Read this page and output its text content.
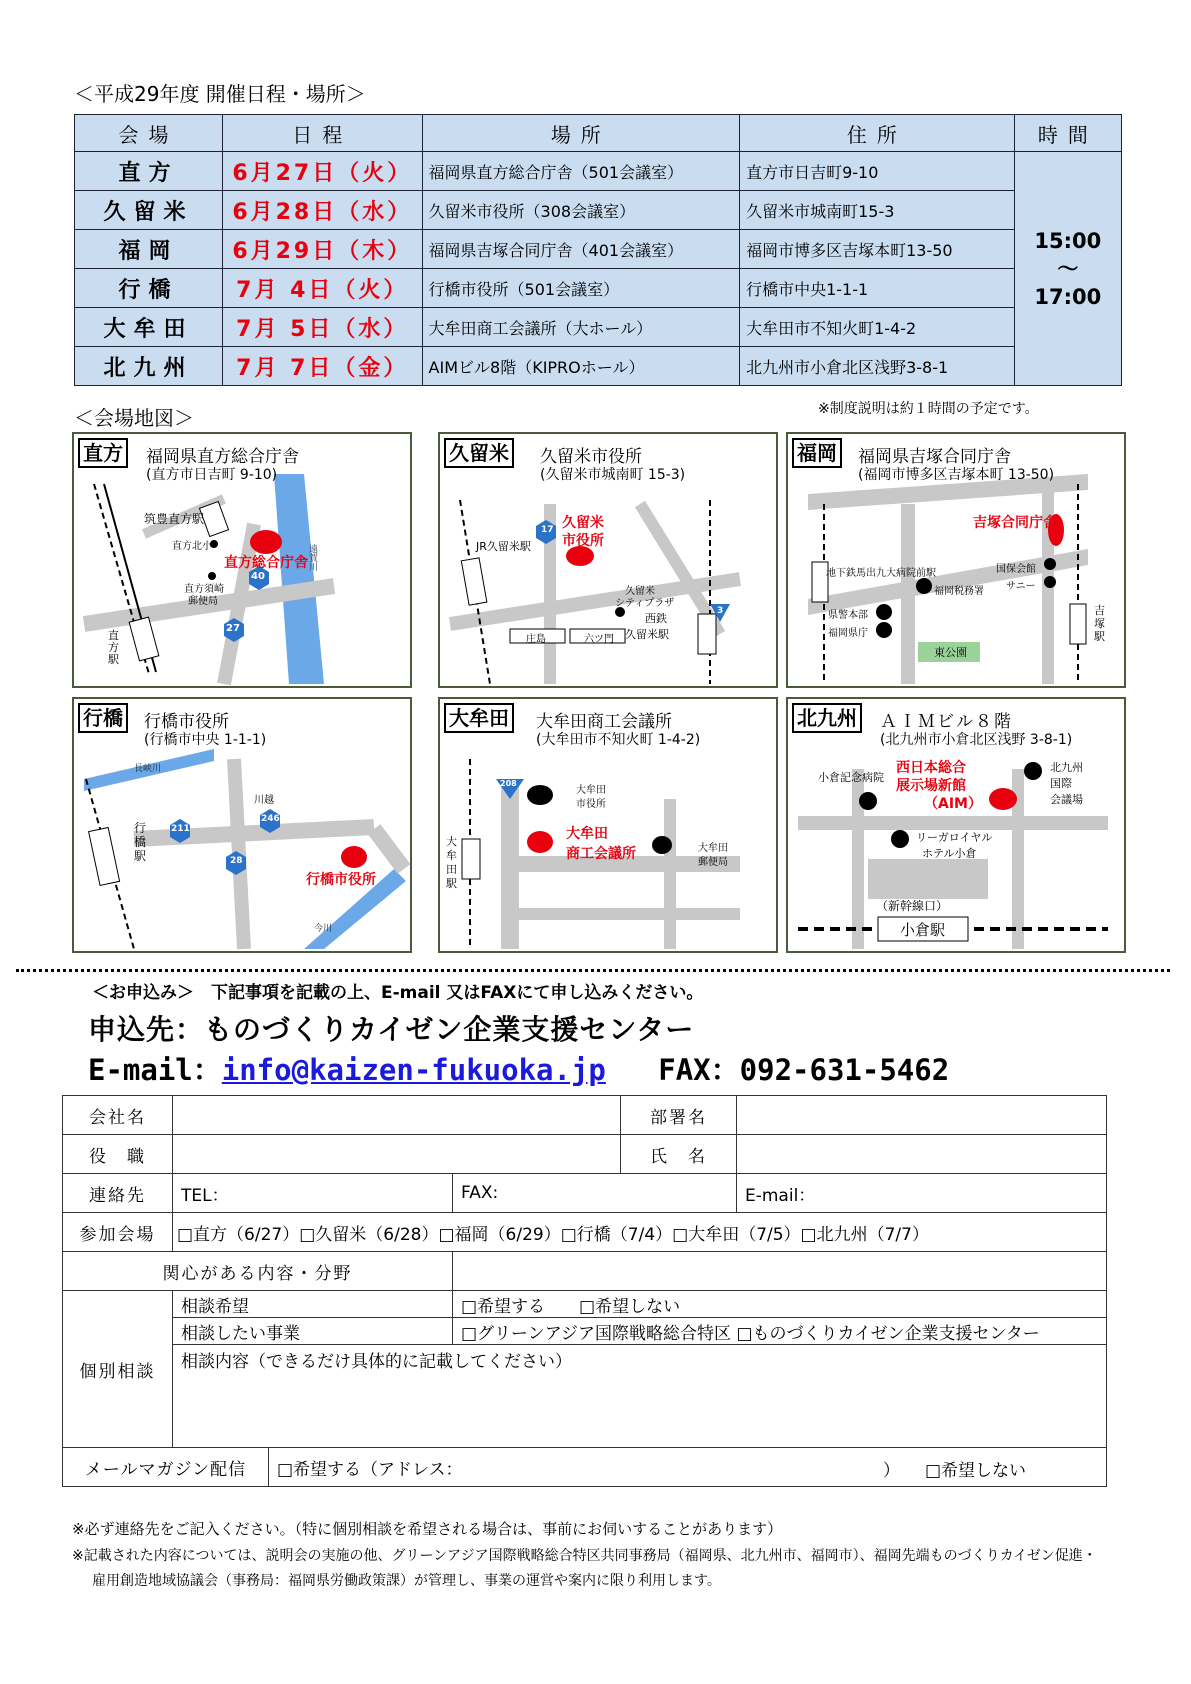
＜平成29年度 開催日程・場所＞
会場	日程	場所	住所	時間
直方	6月27日（火）	福岡県直方総合庁舎（501会議室）	直方市日吉町9-10	15:00
～
17:00

久留米	6月28日（水）	久留米市役所（308会議室）	久留米市城南町15-3	
福岡	6月29日（木）	福岡県吉塚合同庁舎（401会議室）	福岡市博多区吉塚本町13-50	
行橋	7月 4日（火）	行橋市役所（501会議室）	行橋市中央1-1-1	
大牟田	7月 5日（水）	大牟田商工会議所（大ホール）	大牟田市不知火町1-4-2	
北九州	7月 7日（金）	AIMビル8階（KIPROホール）	北九州市小倉北区浅野3-8-1	
＜会場地図＞	※制度説明は約１時間の予定です。
直方 福岡県直方総合庁舎
(直方市日吉町 9-10)
筑豊直方駅
直方北小
直方総合庁舎
直方須崎
郵便局
遠賀川
直方駅
40
27
久留米 久留米市役所
(久留米市城南町 15-3)
JR久留米駅
久留米
市役所
久留米
シティプラザ
西鉄
久留米駅
庄島	六ツ門
17
3
福岡 福岡県吉塚合同庁舎
(福岡市博多区吉塚本町 13-50)
吉塚合同庁舎
地下鉄馬出九大病院前駅
福岡税務署
国保会館
サニー
県警本部
福岡県庁
東公園
吉塚駅
行橋 行橋市役所
(行橋市中央 1-1-1)
長峡川
今川
川越
行橋駅
行橋市役所
211
246
28
大牟田 大牟田商工会議所
(大牟田市不知火町 1-4-2)
大牟田
市役所
大牟田
商工会議所	大牟田
郵便局
大牟田駅
208
北九州 ＡＩＭビル８階
(北九州市小倉北区浅野 3-8-1)
小倉記念病院
西日本総合
展示場新館
（AIM）
北九州
国際
会議場
リーガロイヤル
ホテル小倉
（新幹線口）
小倉駅
＜お申込み＞　下記事項を記載の上、E-mail 又はFAXにて申し込みください。
申込先：ものづくりカイゼン企業支援センター
E-mail：info@kaizen-fukuoka.jp FAX：092-631-5462
会社名				部署名	
役　職				氏　名	
連絡先	TEL：		FAX:		E-mail：
参加会場	□直方（6/27）□久留米（6/28）□福岡（6/29）□行橋（7/4）□大牟田（7/5）□北九州（7/7）				
関心がある内容・分野					
個別相談	相談希望		□希望する　　□希望しない		
	相談したい事業		□グリーンアジア国際戦略総合特区 □ものづくりカイゼン企業支援センター		
	相談内容（できるだけ具体的に記載してください）				
メールマガジン配信		□希望する（アドレス： ） □希望しない			
※必ず連絡先をご記入ください。（特に個別相談を希望される場合は、事前にお伺いすることがあります）
※記載された内容については、説明会の実施の他、グリーンアジア国際戦略総合特区共同事務局（福岡県、北九州市、福岡市）、福岡先端ものづくりカイゼン促進・
雇用創造地域協議会（事務局：福岡県労働政策課）が管理し、事業の運営や案内に限り利用します。
